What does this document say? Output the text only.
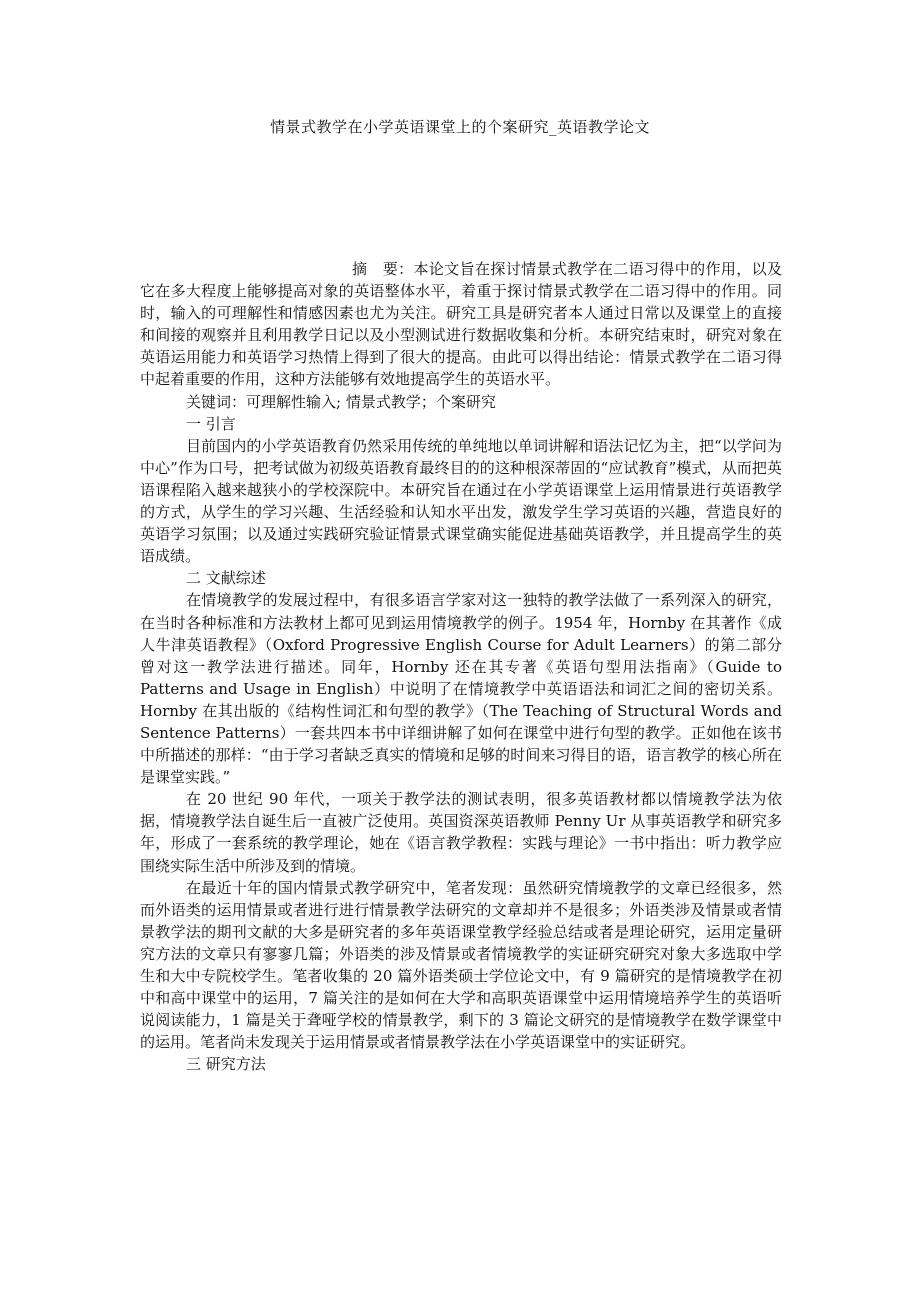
情景式教学在小学英语课堂上的个案研究_英语教学论文

摘　要：本论文旨在探讨情景式教学在二语习得中的作用，以及它在多大程度上能够提高对象的英语整体水平，着重于探讨情景式教学在二语习得中的作用。同时，输入的可理解性和情感因素也尤为关注。研究工具是研究者本人通过日常以及课堂上的直接和间接的观察并且利用教学日记以及小型测试进行数据收集和分析。本研究结束时，研究对象在英语运用能力和英语学习热情上得到了很大的提高。由此可以得出结论：情景式教学在二语习得中起着重要的作用，这种方法能够有效地提高学生的英语水平。

关键词：可理解性输入; 情景式教学；个案研究

一 引言

目前国内的小学英语教育仍然采用传统的单纯地以单词讲解和语法记忆为主，把“以学问为中心”作为口号，把考试做为初级英语教育最终目的的这种根深蒂固的“应试教育”模式，从而把英语课程陷入越来越狭小的学校深院中。本研究旨在通过在小学英语课堂上运用情景进行英语教学的方式，从学生的学习兴趣、生活经验和认知水平出发，激发学生学习英语的兴趣，营造良好的英语学习氛围；以及通过实践研究验证情景式课堂确实能促进基础英语教学，并且提高学生的英语成绩。

二 文献综述

在情境教学的发展过程中，有很多语言学家对这一独特的教学法做了一系列深入的研究，在当时各种标准和方法教材上都可见到运用情境教学的例子。1954 年，Hornby 在其著作《成人牛津英语教程》（Oxford Progressive English Course for Adult Learners）的第二部分曾对这一教学法进行描述。同年，Hornby 还在其专著《英语句型用法指南》（Guide to Patterns and Usage in English）中说明了在情境教学中英语语法和词汇之间的密切关系。Hornby 在其出版的《结构性词汇和句型的教学》（The Teaching of Structural Words and Sentence Patterns）一套共四本书中详细讲解了如何在课堂中进行句型的教学。正如他在该书中所描述的那样：“由于学习者缺乏真实的情境和足够的时间来习得目的语，语言教学的核心所在是课堂实践。”

在 20 世纪 90 年代，一项关于教学法的测试表明，很多英语教材都以情境教学法为依据，情境教学法自诞生后一直被广泛使用。英国资深英语教师 Penny Ur 从事英语教学和研究多年，形成了一套系统的教学理论，她在《语言教学教程：实践与理论》一书中指出：听力教学应围绕实际生活中所涉及到的情境。

在最近十年的国内情景式教学研究中，笔者发现：虽然研究情境教学的文章已经很多，然而外语类的运用情景或者进行进行情景教学法研究的文章却并不是很多；外语类涉及情景或者情景教学法的期刊文献的大多是研究者的多年英语课堂教学经验总结或者是理论研究，运用定量研究方法的文章只有寥寥几篇；外语类的涉及情景或者情境教学的实证研究研究对象大多选取中学生和大中专院校学生。笔者收集的 20 篇外语类硕士学位论文中，有 9 篇研究的是情境教学在初中和高中课堂中的运用，7 篇关注的是如何在大学和高职英语课堂中运用情境培养学生的英语听说阅读能力，1 篇是关于聋哑学校的情景教学，剩下的 3 篇论文研究的是情境教学在数学课堂中的运用。笔者尚未发现关于运用情景或者情景教学法在小学英语课堂中的实证研究。

三 研究方法
